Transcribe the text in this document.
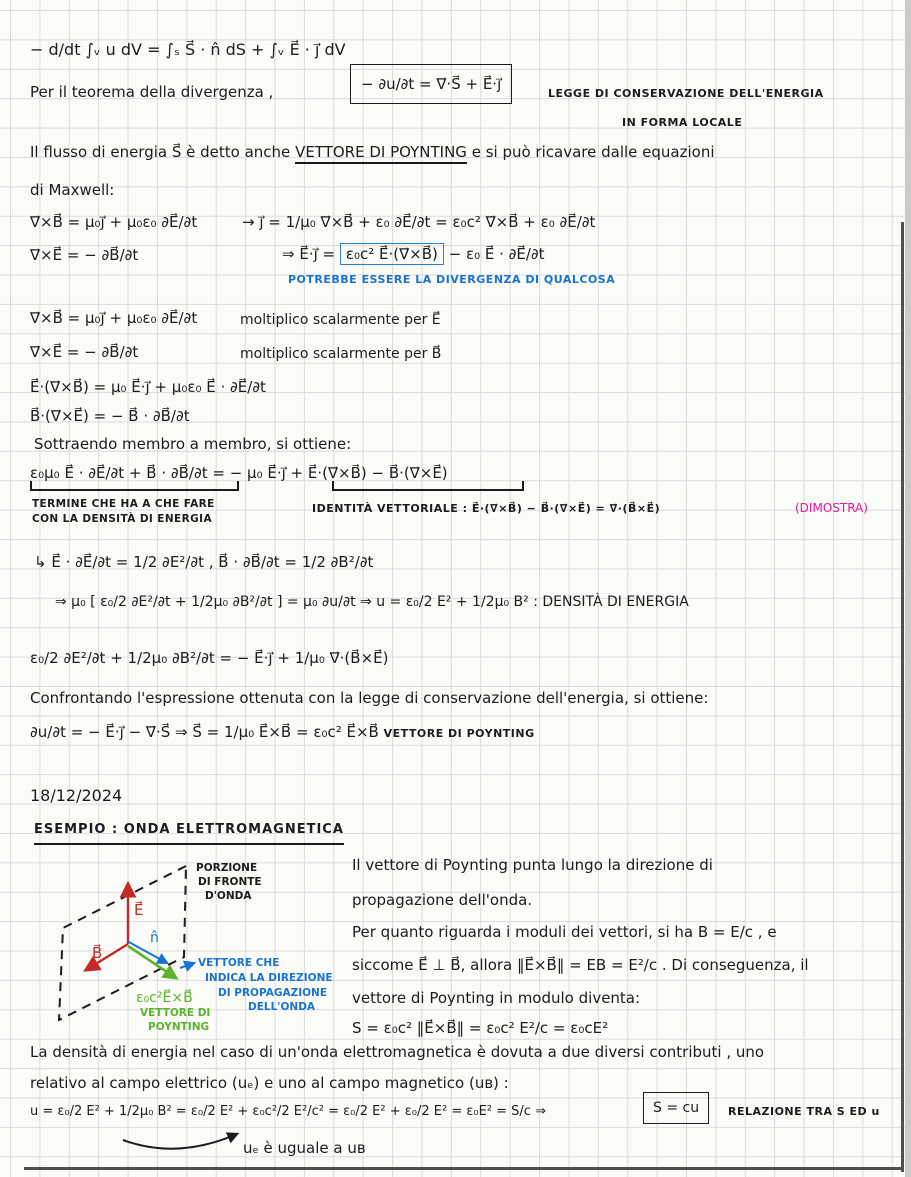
− d/dt ∫ᵥ u dV = ∫ₛ S⃗ · n̂ dS + ∫ᵥ E⃗ · j⃗ dV
Per il teorema della divergenza ,	− ∂u/∂t = ∇⃗·S⃗ + E⃗·j⃗
LEGGE DI CONSERVAZIONE DELL'ENERGIA
IN FORMA LOCALE
Il flusso di energia S⃗ è detto anche VETTORE DI POYNTING e si può ricavare dalle equazioni
di Maxwell:
∇⃗×B⃗ = μ₀j⃗ + μ₀ε₀ ∂E⃗/∂t	→ j⃗ = 1/μ₀ ∇⃗×B⃗ + ε₀ ∂E⃗/∂t = ε₀c² ∇⃗×B⃗ + ε₀ ∂E⃗/∂t
∇⃗×E⃗ = − ∂B⃗/∂t	⇒ E⃗·j⃗ = ε₀c² E⃗·(∇⃗×B⃗) − ε₀ E⃗ · ∂E⃗/∂t
POTREBBE ESSERE LA DIVERGENZA DI QUALCOSA
∇⃗×B⃗ = μ₀j⃗ + μ₀ε₀ ∂E⃗/∂t	moltiplico scalarmente per E⃗
∇⃗×E⃗ = − ∂B⃗/∂t	moltiplico scalarmente per B⃗
E⃗·(∇⃗×B⃗) = μ₀ E⃗·j⃗ + μ₀ε₀ E⃗ · ∂E⃗/∂t
B⃗·(∇⃗×E⃗) = − B⃗ · ∂B⃗/∂t
Sottraendo membro a membro, si ottiene:
ε₀μ₀ E⃗ · ∂E⃗/∂t + B⃗ · ∂B⃗/∂t = − μ₀ E⃗·j⃗ + E⃗·(∇⃗×B⃗) − B⃗·(∇⃗×E⃗)
TERMINE CHE HA A CHE FARE
CON LA DENSITÀ DI ENERGIA
IDENTITÀ VETTORIALE : E⃗·(∇⃗×B⃗) − B⃗·(∇⃗×E⃗) = ∇⃗·(B⃗×E⃗)	(DIMOSTRA)
↳ E⃗ · ∂E⃗/∂t = 1/2 ∂E²/∂t , B⃗ · ∂B⃗/∂t = 1/2 ∂B²/∂t
⇒ μ₀ [ ε₀/2 ∂E²/∂t + 1/2μ₀ ∂B²/∂t ] = μ₀ ∂u/∂t ⇒ u = ε₀/2 E² + 1/2μ₀ B² : DENSITÀ DI ENERGIA
ε₀/2 ∂E²/∂t + 1/2μ₀ ∂B²/∂t = − E⃗·j⃗ + 1/μ₀ ∇⃗·(B⃗×E⃗)
Confrontando l'espressione ottenuta con la legge di conservazione dell'energia, si ottiene:
∂u/∂t = − E⃗·j⃗ − ∇⃗·S⃗ ⇒ S⃗ = 1/μ₀ E⃗×B⃗ = ε₀c² E⃗×B⃗ VETTORE DI POYNTING
18/12/2024
ESEMPIO : ONDA ELETTROMAGNETICA
E⃗
B⃗
n̂
PORZIONE
DI FRONTE
D'ONDA
VETTORE CHE
INDICA LA DIREZIONE
DI PROPAGAZIONE
DELL'ONDA
ε₀c²E⃗×B⃗
VETTORE DI
POYNTING
Il vettore di Poynting punta lungo la direzione di
propagazione dell'onda.
Per quanto riguarda i moduli dei vettori, si ha B = E/c , e
siccome E⃗ ⊥ B⃗, allora ‖E⃗×B⃗‖ = EB = E²/c . Di conseguenza, il
vettore di Poynting in modulo diventa:
S = ε₀c² ‖E⃗×B⃗‖ = ε₀c² E²/c = ε₀cE²
La densità di energia nel caso di un'onda elettromagnetica è dovuta a due diversi contributi , uno
relativo al campo elettrico (uₑ) e uno al campo magnetico (uʙ) :
u = ε₀/2 E² + 1/2μ₀ B² = ε₀/2 E² + ε₀c²/2 E²/c² = ε₀/2 E² + ε₀/2 E² = ε₀E² = S/c ⇒	S = cu	RELAZIONE TRA S ED u
uₑ è uguale a uʙ
